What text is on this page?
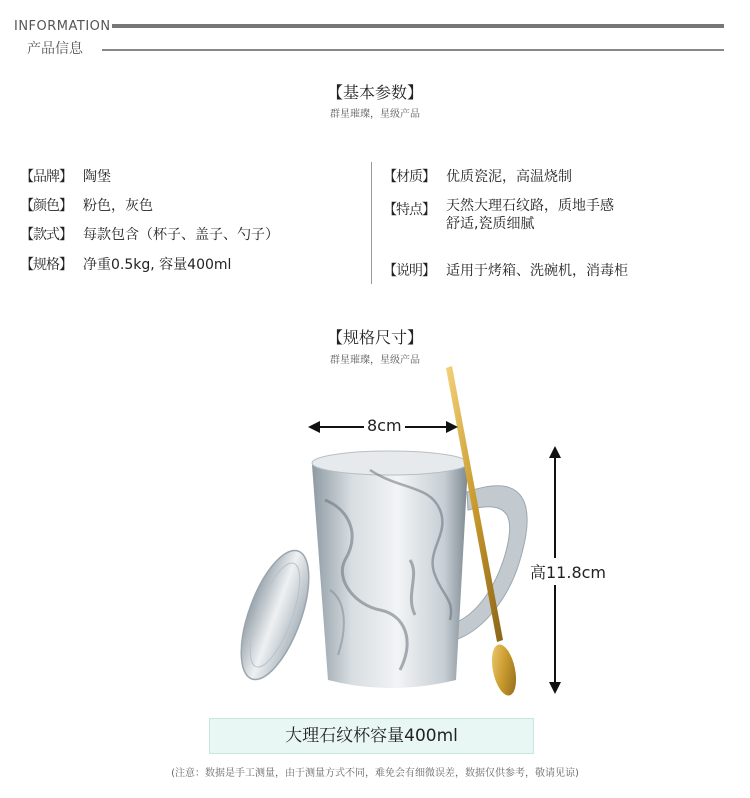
INFORMATION
产品信息
【基本参数】
群星璀璨，星级产品
【品牌】 陶堡
【颜色】 粉色，灰色
【款式】 每款包含（杯子、盖子、勺子）
【规格】 净重0.5kg, 容量400ml
【材质】 优质瓷泥，高温烧制
【特点】 天然大理石纹路，质地手感
舒适,瓷质细腻
【说明】 适用于烤箱、洗碗机，消毒柜
【规格尺寸】
群星璀璨，星级产品
8cm
高11.8cm
大理石纹杯容量400ml
(注意：数据是手工测量，由于测量方式不同，难免会有细微误差，数据仅供参考，敬请见谅)
